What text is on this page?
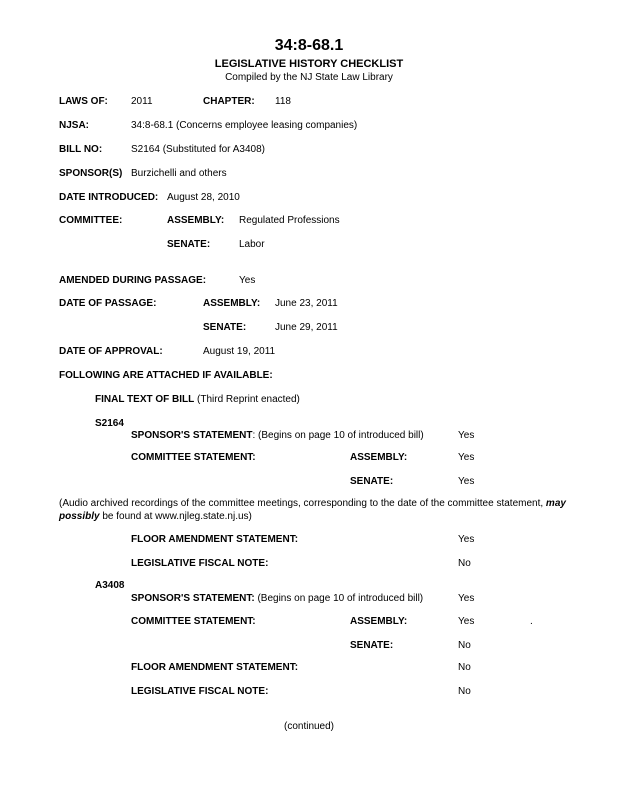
34:8-68.1
LEGISLATIVE HISTORY CHECKLIST
Compiled by the NJ State Law Library
LAWS OF: 2011	CHAPTER: 118
NJSA:	34:8-68.1 (Concerns employee leasing companies)
BILL NO:	S2164 (Substituted for A3408)
SPONSOR(S) Burzichelli and others
DATE INTRODUCED: August 28, 2010
COMMITTEE:	ASSEMBLY: Regulated Professions
SENATE:	Labor
AMENDED DURING PASSAGE:	Yes
DATE OF PASSAGE:	ASSEMBLY: June 23, 2011
SENATE:	June 29, 2011
DATE OF APPROVAL:	August 19, 2011
FOLLOWING ARE ATTACHED IF AVAILABLE:
FINAL TEXT OF BILL (Third Reprint enacted)
S2164
SPONSOR'S STATEMENT: (Begins on page 10 of introduced bill)	Yes
COMMITTEE STATEMENT:	ASSEMBLY:	Yes
SENATE:	Yes
(Audio archived recordings of the committee meetings, corresponding to the date of the committee statement, may possibly be found at www.njleg.state.nj.us)
FLOOR AMENDMENT STATEMENT:	Yes
LEGISLATIVE FISCAL NOTE:	No
A3408
SPONSOR'S STATEMENT: (Begins on page 10 of introduced bill)	Yes
COMMITTEE STATEMENT:	ASSEMBLY:	Yes	.
SENATE:	No
FLOOR AMENDMENT STATEMENT:	No
LEGISLATIVE FISCAL NOTE:	No
(continued)
